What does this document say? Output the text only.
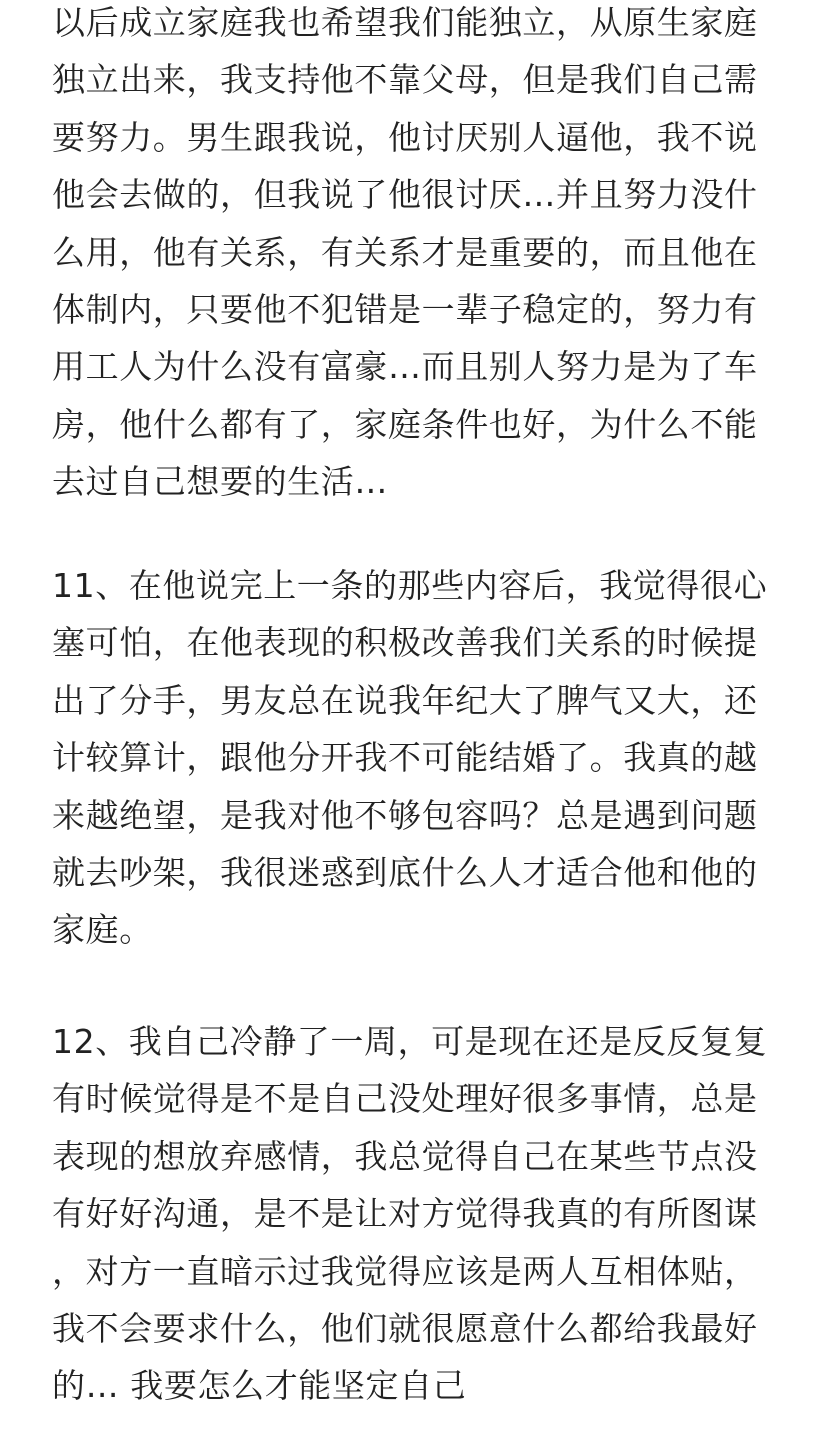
以后成立家庭我也希望我们能独立，从原生家庭
独立出来，我支持他不靠父母，但是我们自己需
要努力。男生跟我说，他讨厌别人逼他，我不说
他会去做的，但我说了他很讨厌…并且努力没什
么用，他有关系，有关系才是重要的，而且他在
体制内，只要他不犯错是一辈子稳定的，努力有
用工人为什么没有富豪…而且别人努力是为了车
房，他什么都有了，家庭条件也好，为什么不能
去过自己想要的生活…

11、在他说完上一条的那些内容后，我觉得很心
塞可怕，在他表现的积极改善我们关系的时候提
出了分手，男友总在说我年纪大了脾气又大，还
计较算计，跟他分开我不可能结婚了。我真的越
来越绝望，是我对他不够包容吗？总是遇到问题
就去吵架，我很迷惑到底什么人才适合他和他的
家庭。

12、我自己冷静了一周，可是现在还是反反复复
有时候觉得是不是自己没处理好很多事情，总是
表现的想放弃感情，我总觉得自己在某些节点没
有好好沟通，是不是让对方觉得我真的有所图谋
，对方一直暗示过我觉得应该是两人互相体贴，
我不会要求什么，他们就很愿意什么都给我最好
的… 我要怎么才能坚定自己
